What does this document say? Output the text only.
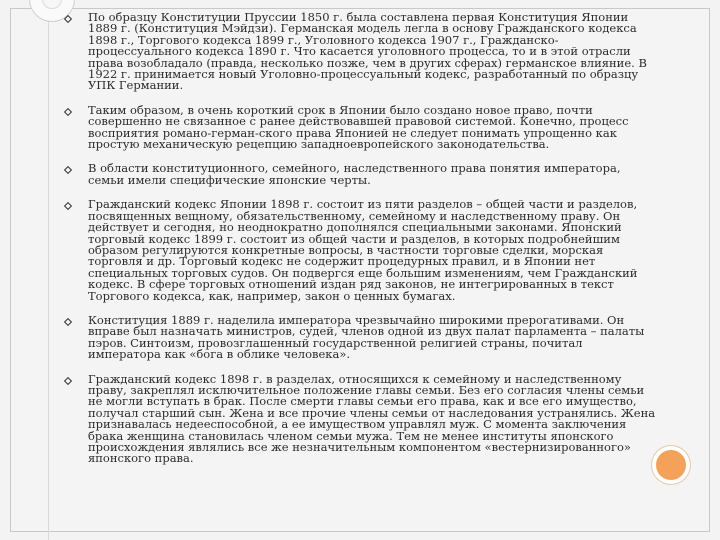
По образцу Конституции Пруссии 1850 г. была составлена первая Конституция Японии 1889 г. (Конституция Мэйдзи). Германская модель легла в основу Гражданского кодекса 1898 г., Торгового кодекса 1899 г., Уголовного кодекса 1907 г., Гражданско-процессуального кодекса 1890 г. Что касается уголовного процесса, то и в этой отрасли права возобладало (правда, несколько позже, чем в других сферах) германское влияние. В 1922 г. принимается новый Уголовно-процессуальный кодекс, разработанный по образцу УПК Германии.
Таким образом, в очень короткий срок в Японии было создано новое право, почти совершенно не связанное с ранее действовавшей правовой системой. Конечно, процесс восприятия романо-герман-ского права Японией не следует понимать упрощенно как простую механическую рецепцию западноевропейского законодательства.
В области конституционного, семейного, наследственного права понятия императора, семьи имели специфические японские черты.
Гражданский кодекс Японии 1898 г. состоит из пяти разделов – общей части и разделов, посвященных вещному, обязательственному, семейному и наследственному праву. Он действует и сегодня, но неоднократно дополнялся специальными законами. Японский торговый кодекс 1899 г. состоит из общей части и разделов, в которых подробнейшим образом регулируются конкретные вопросы, в частности торговые сделки, морская торговля и др. Торговый кодекс не содержит процедурных правил, и в Японии нет специальных торговых судов. Он подвергся еще большим изменениям, чем Гражданский кодекс. В сфере торговых отношений издан ряд законов, не интегрированных в текст Торгового кодекса, как, например, закон о ценных бумагах.
Конституция 1889 г. наделила императора чрезвычайно широкими прерогативами. Он вправе был назначать министров, судей, членов одной из двух палат парламента – палаты пэров. Синтоизм, провозглашенный государственной религией страны, почитал императора как «бога в облике человека».
Гражданский кодекс 1898 г. в разделах, относящихся к семейному и наследственному праву, закреплял исключительное положение главы семьи. Без его согласия члены семьи не могли вступать в брак. После смерти главы семьи его права, как и все его имущество, получал старший сын. Жена и все прочие члены семьи от наследования устранялись. Жена признавалась недееспособной, а ее имуществом управлял муж. С момента заключения брака женщина становилась членом семьи мужа. Тем не менее институты японского происхождения являлись все же незначительным компонентом «вестернизированного» японского права.
